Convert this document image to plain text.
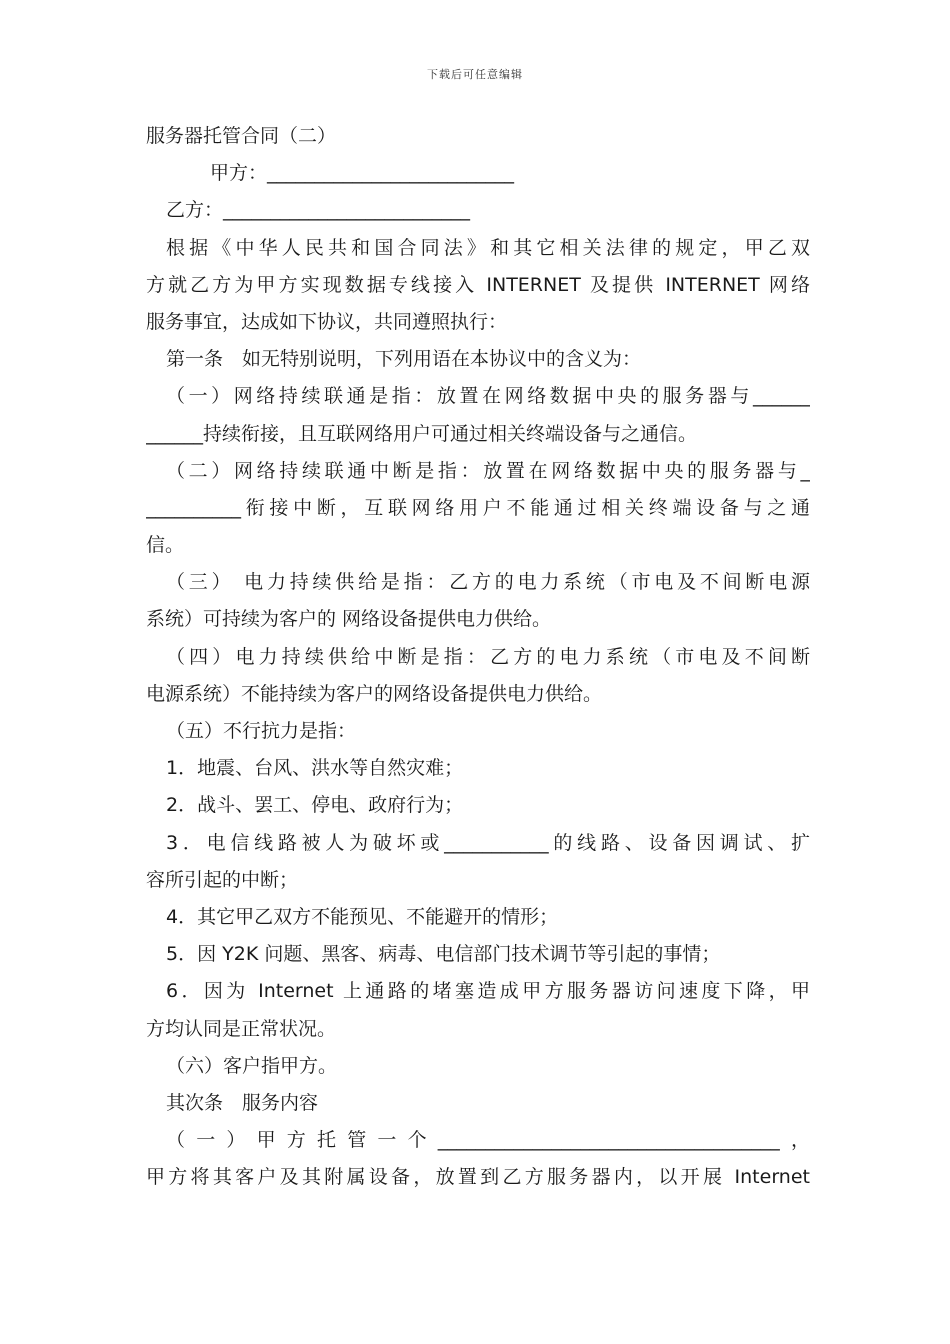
下载后可任意编辑
服务器托管合同（二）
甲方：__________________________
乙方：__________________________
根据《中华人民共和国合同法》和其它相关法律的规定，甲乙双
方就乙方为甲方实现数据专线接入 INTERNET 及提供 INTERNET 网络
服务事宜，达成如下协议，共同遵照执行：
第一条　如无特别说明，下列用语在本协议中的含义为：
（一）网络持续联通是指：放置在网络数据中央的服务器与______
______持续衔接，且互联网络用户可通过相关终端设备与之通信。
（二）网络持续联通中断是指：放置在网络数据中央的服务器与_
__________衔接中断，互联网络用户不能通过相关终端设备与之通
信。
（三） 电力持续供给是指：乙方的电力系统（市电及不间断电源
系统）可持续为客户的 网络设备提供电力供给。
（四）电力持续供给中断是指：乙方的电力系统（市电及不间断
电源系统）不能持续为客户的网络设备提供电力供给。
（五）不行抗力是指：
1．地震、台风、洪水等自然灾难；
2．战斗、罢工、停电、政府行为；
3．电信线路被人为破坏或___________的线路、设备因调试、扩
容所引起的中断；
4．其它甲乙双方不能预见、不能避开的情形；
5．因 Y2K 问题、黑客、病毒、电信部门技术调节等引起的事情；
6．因为 Internet 上通路的堵塞造成甲方服务器访问速度下降，甲
方均认同是正常状况。
（六）客户指甲方。
其次条　服务内容
（一）甲方托管一个____________________________________，
甲方将其客户及其附属设备，放置到乙方服务器内，以开展 Internet
